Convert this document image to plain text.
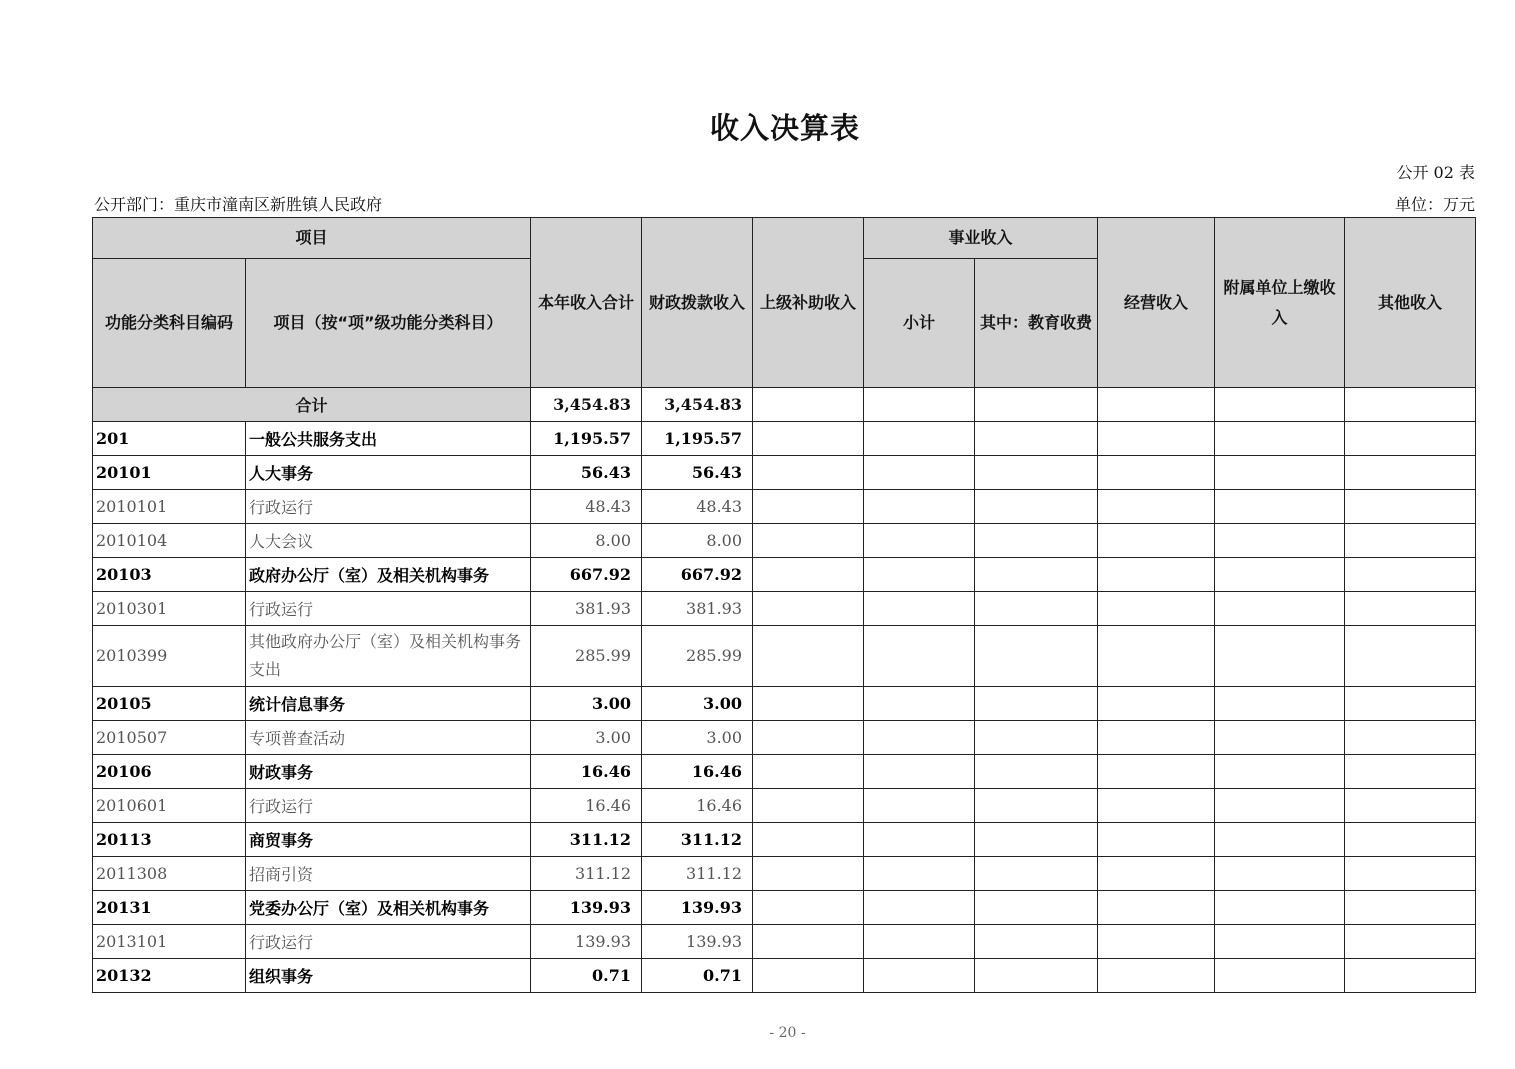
收入决算表
公开 02 表
公开部门：重庆市潼南区新胜镇人民政府	单位：万元
项目		本年收入合计	财政拨款收入	上级补助收入	事业收入		经营收入	附属单位上缴收入	其他收入
功能分类科目编码	项目（按“项”级功能分类科目）				小计	其中：教育收费			
合计		3,454.83	3,454.83						
201	一般公共服务支出	1,195.57	1,195.57						
20101	人大事务	56.43	56.43						
2010101	行政运行	48.43	48.43						
2010104	人大会议	8.00	8.00						
20103	政府办公厅（室）及相关机构事务	667.92	667.92						
2010301	行政运行	381.93	381.93						
2010399	其他政府办公厅（室）及相关机构事务支出	285.99	285.99						
20105	统计信息事务	3.00	3.00						
2010507	专项普查活动	3.00	3.00						
20106	财政事务	16.46	16.46						
2010601	行政运行	16.46	16.46						
20113	商贸事务	311.12	311.12						
2011308	招商引资	311.12	311.12						
20131	党委办公厅（室）及相关机构事务	139.93	139.93						
2013101	行政运行	139.93	139.93						
20132	组织事务	0.71	0.71						
- 20 -
